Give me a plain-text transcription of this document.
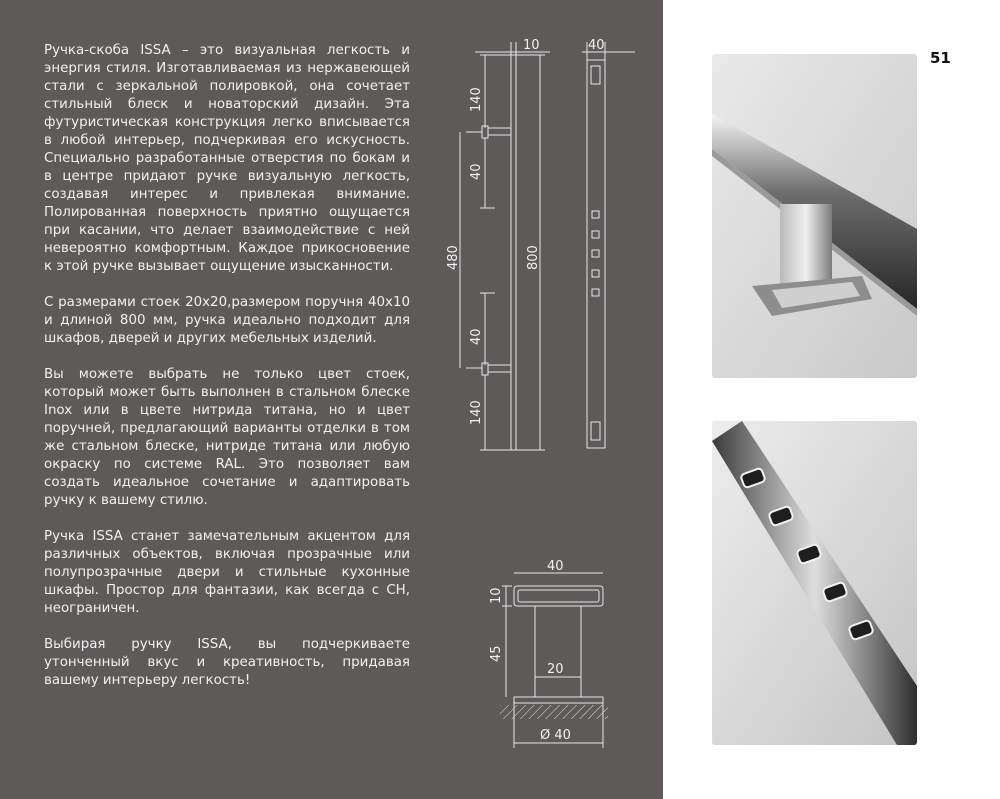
Ручка-скоба ISSA – это визуальная легкость и энергия стиля. Изготавливаемая из нержавеющей стали с зеркальной полировкой, она сочетает стильный блеск и новаторский дизайн. Эта футуристическая конструкция легко вписывается в любой интерьер, подчеркивая его искусность. Специально разработанные отверстия по бокам и в центре придают ручке визуальную легкость, создавая интерес и привлекая внимание. Полированная поверхность приятно ощущается при касании, что делает взаимодействие с ней невероятно комфортным. Каждое прикосновение к этой ручке вызывает ощущение изысканности.

С размерами стоек 20х20,размером поручня 40х10 и длиной 800 мм, ручка идеально подходит для шкафов, дверей и других мебельных изделий.

Вы можете выбрать не только цвет стоек, который может быть выполнен в стальном блеске Inox или в цвете нитрида титана, но и цвет поручней, предлагающий варианты отделки в том же стальном блеске, нитриде титана или любую окраску по системе RAL. Это позволяет вам создать идеальное сочетание и адаптировать ручку к вашему стилю.

Ручка ISSA станет замечательным акцентом для различных объектов, включая прозрачные или полупрозрачные двери и стильные кухонные шкафы. Простор для фантазии, как всегда с CH, неограничен.

Выбирая ручку ISSA, вы подчеркиваете утонченный вкус и креативность, придавая вашему интерьеру легкость!

10	40
140
40
480	800
40
140
40
10
45
20
Ø 40
51
